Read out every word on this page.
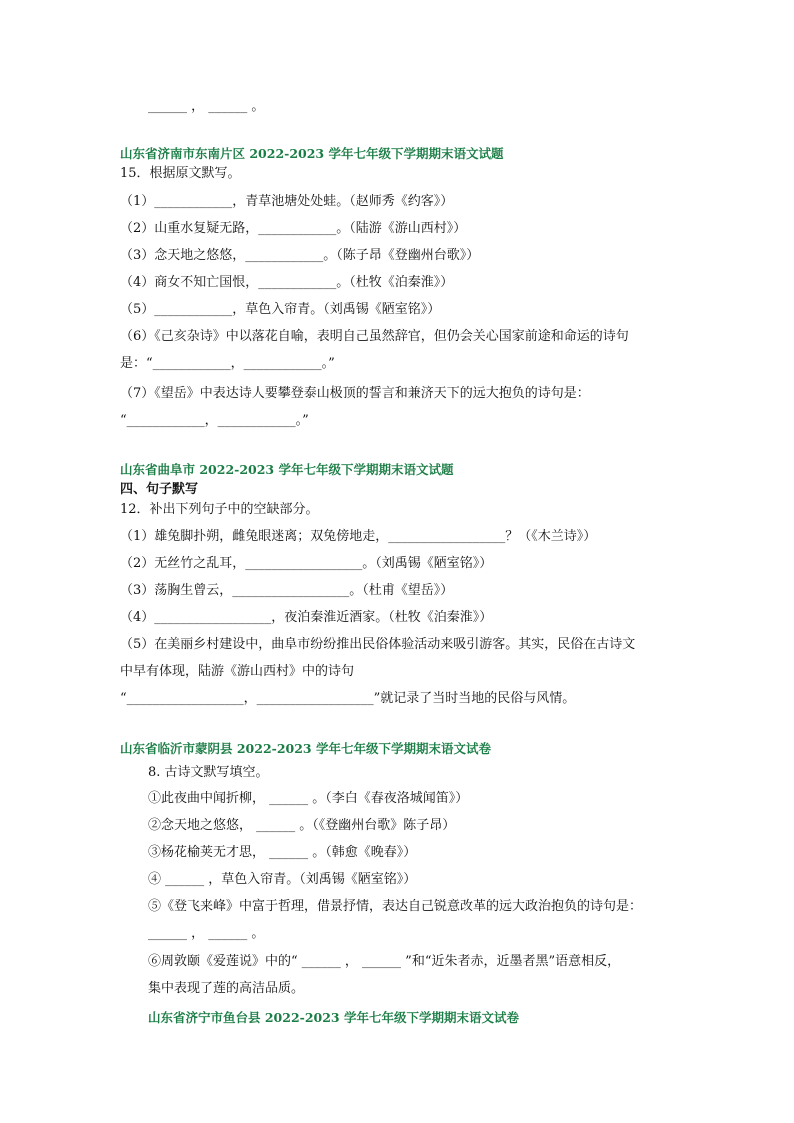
______ ， ______ 。
山东省济南市东南片区 2022-2023 学年七年级下学期期末语文试题
15．根据原文默写。
（1）____________，青草池塘处处蛙。（赵师秀《约客》）
（2）山重水复疑无路，____________。（陆游《游山西村》）
（3）念天地之悠悠，____________。（陈子昂《登幽州台歌》）
（4）商女不知亡国恨，____________。（杜牧《泊秦淮》）
（5）____________，草色入帘青。（刘禹锡《陋室铭》）
（6）《己亥杂诗》中以落花自喻，表明自己虽然辞官，但仍会关心国家前途和命运的诗句
是：“____________，____________。”
（7）《望岳》中表达诗人要攀登泰山极顶的誓言和兼济天下的远大抱负的诗句是：
“____________，____________。”
山东省曲阜市 2022-2023 学年七年级下学期期末语文试题
四、句子默写
12．补出下列句子中的空缺部分。
（1）雄兔脚扑朔，雌兔眼迷离；双兔傍地走，__________________？（《木兰诗》）
（2）无丝竹之乱耳，__________________。（刘禹锡《陋室铭》）
（3）荡胸生曾云，__________________。（杜甫《望岳》）
（4）__________________，夜泊秦淮近酒家。（杜牧《泊秦淮》）
（5）在美丽乡村建设中，曲阜市纷纷推出民俗体验活动来吸引游客。其实，民俗在古诗文
中早有体现，陆游《游山西村》中的诗句
“__________________，__________________”就记录了当时当地的民俗与风情。
山东省临沂市蒙阴县 2022-2023 学年七年级下学期期末语文试卷
8. 古诗文默写填空。
①此夜曲中闻折柳， ______ 。（李白《春夜洛城闻笛》）
②念天地之悠悠， ______ 。（《登幽州台歌》陈子昂）
③杨花榆荚无才思， ______ 。（韩愈《晚春》）
④ ______ ，草色入帘青。（刘禹锡《陋室铭》）
⑤《登飞来峰》中富于哲理，借景抒情，表达自己锐意改革的远大政治抱负的诗句是：
______ ， ______ 。
⑥周敦颐《爱莲说》中的“ ______ ， ______ ”和“近朱者赤，近墨者黑”语意相反，
集中表现了莲的高洁品质。
山东省济宁市鱼台县 2022-2023 学年七年级下学期期末语文试卷
